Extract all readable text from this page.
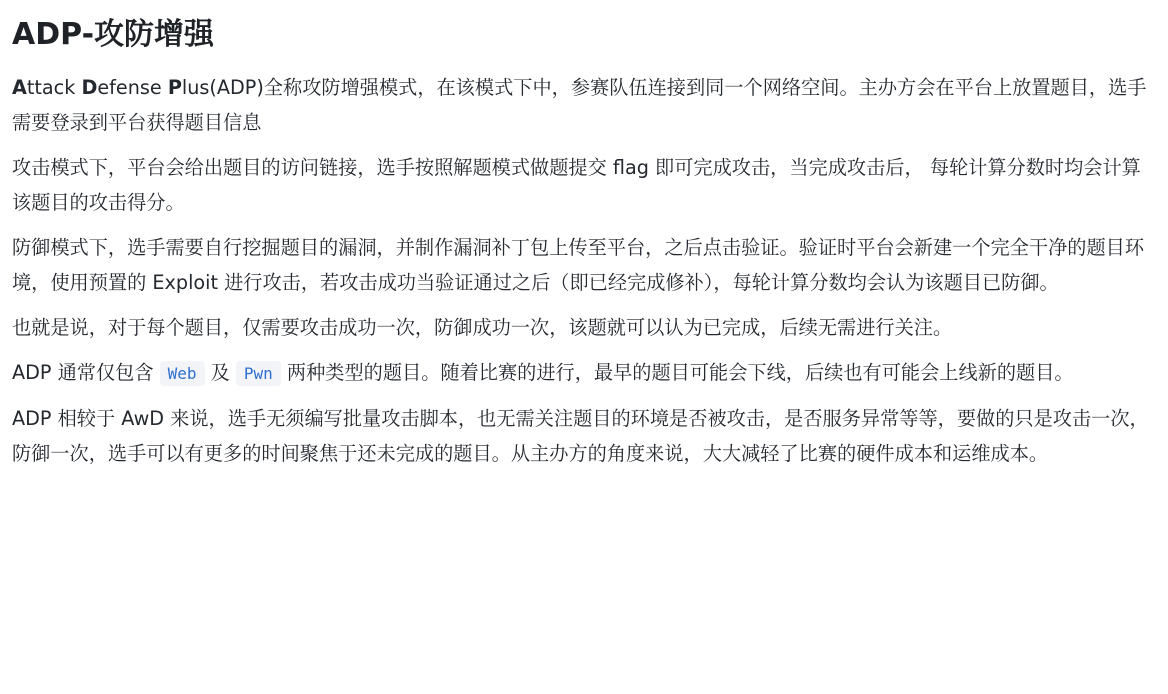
ADP-攻防增强

Attack Defense Plus(ADP)全称攻防增强模式，在该模式下中，参赛队伍连接到同一个网络空间。主办方会在平台上放置题目，选手需要登录到平台获得题目信息

攻击模式下，平台会给出题目的访问链接，选手按照解题模式做题提交 flag 即可完成攻击，当完成攻击后， 每轮计算分数时均会计算该题目的攻击得分。

防御模式下，选手需要自行挖掘题目的漏洞，并制作漏洞补丁包上传至平台，之后点击验证。验证时平台会新建一个完全干净的题目环境，使用预置的 Exploit 进行攻击，若攻击成功当验证通过之后（即已经完成修补），每轮计算分数均会认为该题目已防御。

也就是说，对于每个题目，仅需要攻击成功一次，防御成功一次，该题就可以认为已完成，后续无需进行关注。

ADP 通常仅包含 Web 及 Pwn 两种类型的题目。随着比赛的进行，最早的题目可能会下线，后续也有可能会上线新的题目。

ADP 相较于 AwD 来说，选手无须编写批量攻击脚本，也无需关注题目的环境是否被攻击，是否服务异常等等，要做的只是攻击一次，防御一次，选手可以有更多的时间聚焦于还未完成的题目。从主办方的角度来说，大大减轻了比赛的硬件成本和运维成本。
